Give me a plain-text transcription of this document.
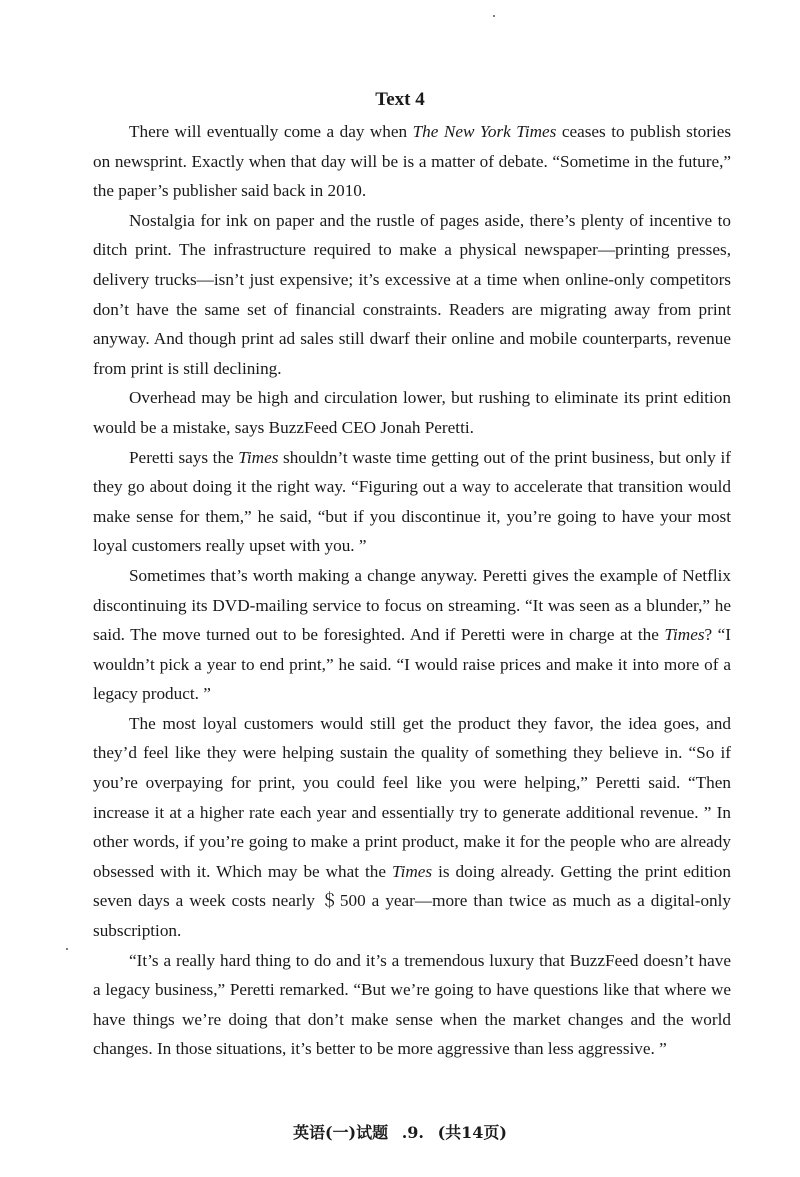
Text 4

There will eventually come a day when The New York Times ceases to publish stories on newsprint. Exactly when that day will be is a matter of debate. “Sometime in the future,” the paper’s publisher said back in 2010.

Nostalgia for ink on paper and the rustle of pages aside, there’s plenty of incentive to ditch print. The infrastructure required to make a physical newspaper—printing presses, delivery trucks—isn’t just expensive; it’s excessive at a time when online-only competitors don’t have the same set of financial constraints. Readers are migrating away from print anyway. And though print ad sales still dwarf their online and mobile counterparts, revenue from print is still declining.

Overhead may be high and circulation lower, but rushing to eliminate its print edition would be a mistake, says BuzzFeed CEO Jonah Peretti.

Peretti says the Times shouldn’t waste time getting out of the print business, but only if they go about doing it the right way. “Figuring out a way to accelerate that transition would make sense for them,” he said, “but if you discontinue it, you’re going to have your most loyal customers really upset with you. ”

Sometimes that’s worth making a change anyway. Peretti gives the example of Netflix discontinuing its DVD-mailing service to focus on streaming. “It was seen as a blunder,” he said. The move turned out to be foresighted. And if Peretti were in charge at the Times? “I wouldn’t pick a year to end print,” he said. “I would raise prices and make it into more of a legacy product. ”

The most loyal customers would still get the product they favor, the idea goes, and they’d feel like they were helping sustain the quality of something they believe in. “So if you’re overpaying for print, you could feel like you were helping,” Peretti said. “Then increase it at a higher rate each year and essentially try to generate additional revenue. ” In other words, if you’re going to make a print product, make it for the people who are already obsessed with it. Which may be what the Times is doing already. Getting the print edition seven days a week costs nearly ＄500 a year—more than twice as much as a digital-only subscription.

“It’s a really hard thing to do and it’s a tremendous luxury that BuzzFeed doesn’t have a legacy business,” Peretti remarked. “But we’re going to have questions like that where we have things we’re doing that don’t make sense when the market changes and the world changes. In those situations, it’s better to be more aggressive than less aggressive. ”

英语(一)试题 .9. (共14页)
